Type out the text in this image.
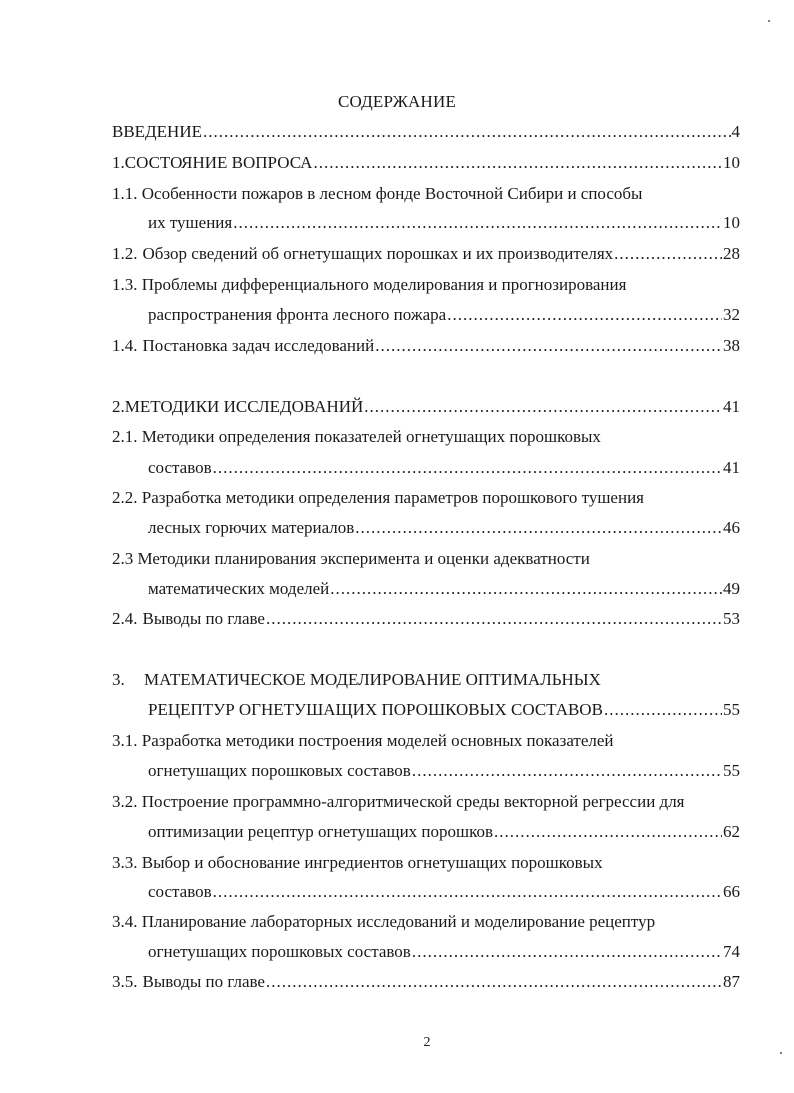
СОДЕРЖАНИЕ
ВВЕДЕНИЕ .....	4
1. СОСТОЯНИЕ ВОПРОСА .....	10
1.1. Особенности пожаров в лесном фонде Восточной Сибири и способы
их тушения .....	10
1.2. Обзор сведений об огнетушащих порошках и их производителях .....	28
1.3. Проблемы дифференциального моделирования и прогнозирования
распространения фронта лесного пожара .....	32
1.4. Постановка задач исследований .....	38
2. МЕТОДИКИ ИССЛЕДОВАНИЙ .....	41
2.1. Методики определения показателей огнетушащих порошковых
составов .....	41
2.2. Разработка методики определения параметров порошкового тушения
лесных горючих материалов .....	46
2.3 Методики планирования эксперимента и оценки адекватности
математических моделей .....	49
2.4. Выводы по главе .....	53
3. МАТЕМАТИЧЕСКОЕ МОДЕЛИРОВАНИЕ ОПТИМАЛЬНЫХ
РЕЦЕПТУР ОГНЕТУШАЩИХ ПОРОШКОВЫХ СОСТАВОВ .....	55
3.1. Разработка методики построения моделей основных показателей
огнетушащих порошковых составов .....	55
3.2. Построение программно-алгоритмической среды векторной регрессии для
оптимизации рецептур огнетушащих порошков .....	62
3.3. Выбор и обоснование ингредиентов огнетушащих порошковых
составов .....	66
3.4. Планирование лабораторных исследований и моделирование рецептур
огнетушащих порошковых составов .....	74
3.5. Выводы по главе .....	87
2
